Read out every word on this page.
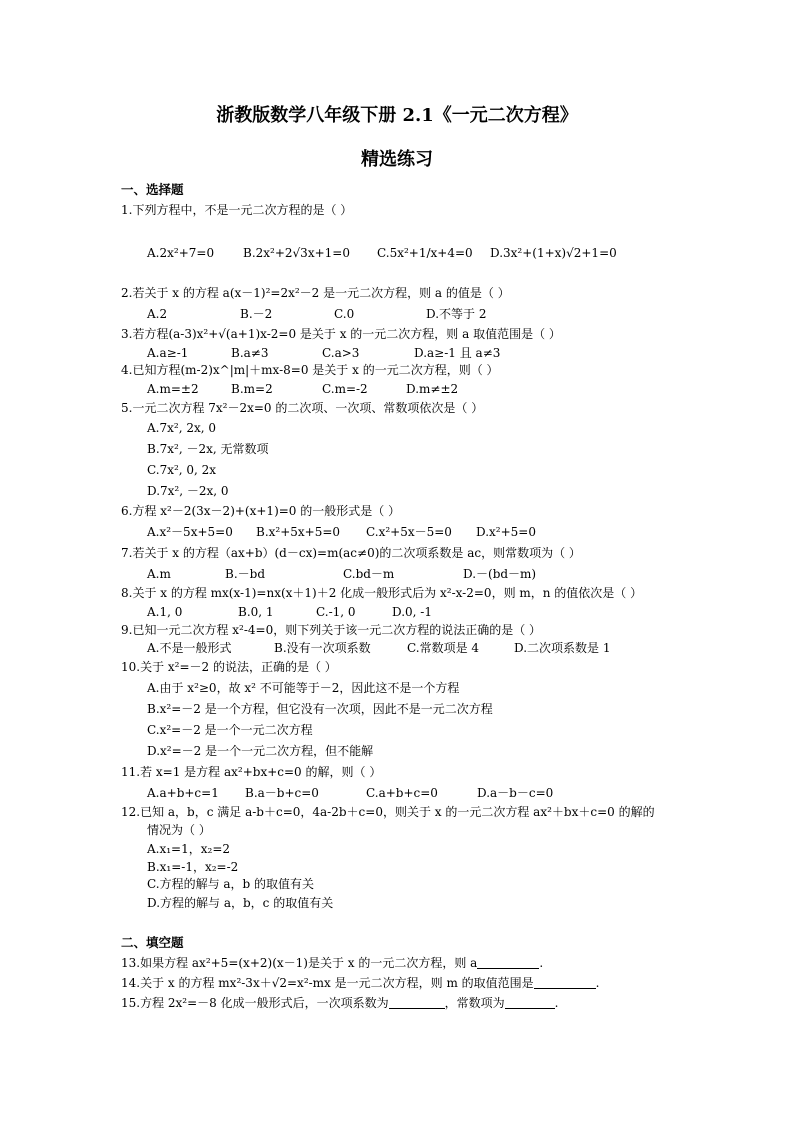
浙教版数学八年级下册 2.1《一元二次方程》
精选练习
一、选择题
1.下列方程中，不是一元二次方程的是（ ）
A.2x²+7=0 B.2x²+2√3x+1=0 C.5x²+1/x+4=0 D.3x²+(1+x)√2+1=0
2.若关于 x 的方程 a(x－1)²=2x²－2 是一元二次方程，则 a 的值是（ ）
A.2	B.－2	C.0	D.不等于 2
3.若方程(a-3)x²+√(a+1)x-2=0 是关于 x 的一元二次方程，则 a 取值范围是（ ）
A.a≥-1	B.a≠3	C.a>3	D.a≥-1 且 a≠3
4.已知方程(m-2)x^|m|＋mx-8=0 是关于 x 的一元二次方程，则（ ）
A.m=±2	B.m=2	C.m=-2	D.m≠±2
5.一元二次方程 7x²－2x=0 的二次项、一次项、常数项依次是（ ）
A.7x², 2x, 0
B.7x², －2x, 无常数项
C.7x², 0, 2x
D.7x², －2x, 0
6.方程 x²－2(3x－2)+(x+1)=0 的一般形式是（ ）
A.x²－5x+5=0 B.x²+5x+5=0 C.x²+5x－5=0 D.x²+5=0
7.若关于 x 的方程（ax+b）(d－cx)=m(ac≠0)的二次项系数是 ac，则常数项为（ ）
A.m	B.－bd	C.bd－m	D.－(bd－m)
8.关于 x 的方程 mx(x-1)=nx(x＋1)＋2 化成一般形式后为 x²-x-2=0，则 m，n 的值依次是（ ）
A.1, 0	B.0, 1	C.-1, 0	D.0, -1
9.已知一元二次方程 x²-4=0，则下列关于该一元二次方程的说法正确的是（ ）
A.不是一般形式	B.没有一次项系数	C.常数项是 4	D.二次项系数是 1
10.关于 x²=－2 的说法，正确的是（ ）
A.由于 x²≥0，故 x² 不可能等于－2，因此这不是一个方程
B.x²=－2 是一个方程，但它没有一次项，因此不是一元二次方程
C.x²=－2 是一个一元二次方程
D.x²=－2 是一个一元二次方程，但不能解
11.若 x=1 是方程 ax²+bx+c=0 的解，则（ ）
A.a+b+c=1 B.a－b+c=0	C.a+b+c=0	D.a－b－c=0
12.已知 a，b，c 满足 a-b＋c=0，4a-2b＋c=0，则关于 x 的一元二次方程 ax²＋bx＋c=0 的解的
情况为（ ）
A.x₁=1，x₂=2
B.x₁=-1，x₂=-2
C.方程的解与 a，b 的取值有关
D.方程的解与 a，b，c 的取值有关
二、填空题
13.如果方程 ax²+5=(x+2)(x－1)是关于 x 的一元二次方程，则 a	.
14.关于 x 的方程 mx²-3x＋√2=x²-mx 是一元二次方程，则 m 的取值范围是	.
15.方程 2x²=－8 化成一般形式后，一次项系数为	，常数项为	.
